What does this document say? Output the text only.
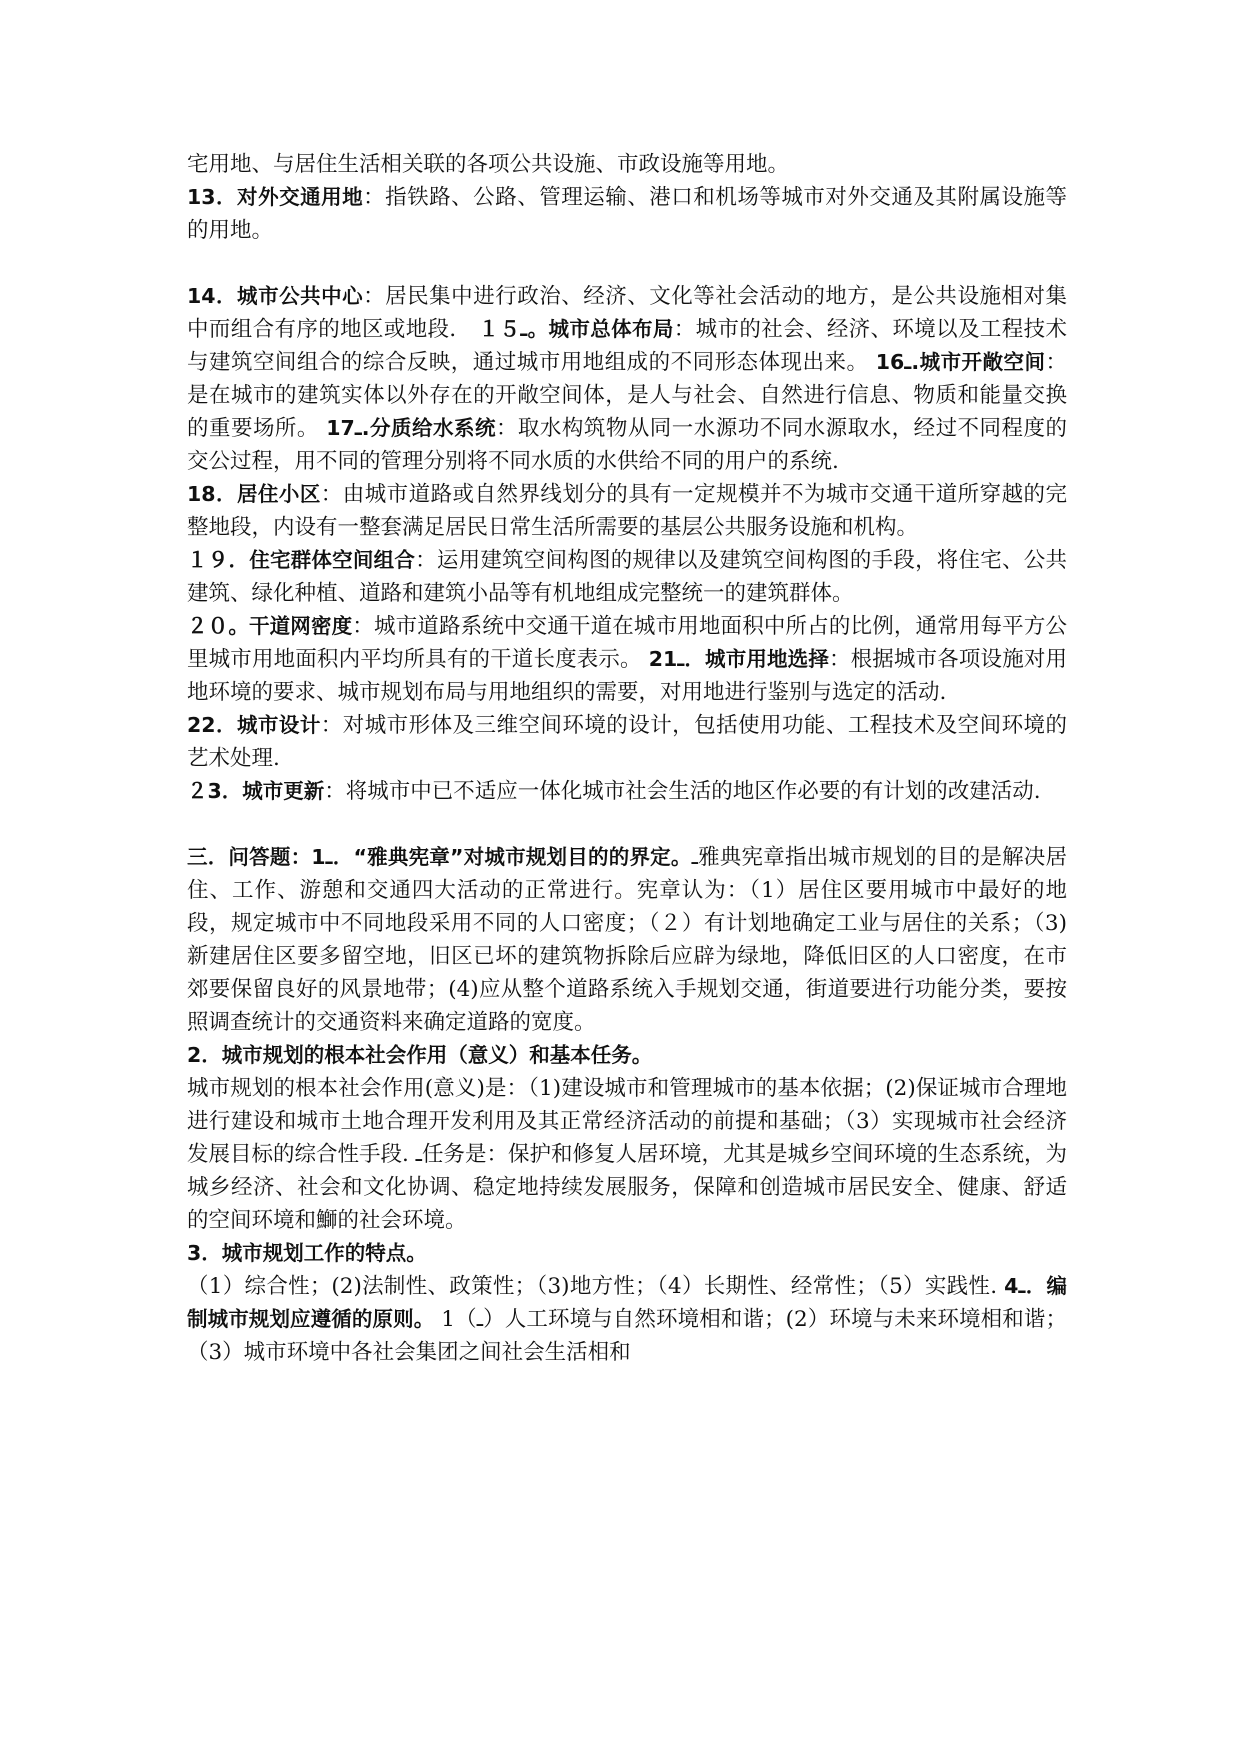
宅用地、与居住生活相关联的各项公共设施、市政设施等用地。

13．对外交通用地：指铁路、公路、管理运输、港口和机场等城市对外交通及其附属设施等的用地。

14．城市公共中心：居民集中进行政治、经济、文化等社会活动的地方，是公共设施相对集中而组合有序的地区或地段． １５ـ。城市总体布局：城市的社会、经济、环境以及工程技术与建筑空间组合的综合反映，通过城市用地组成的不同形态体现出来。 16ـ.城市开敞空间：是在城市的建筑实体以外存在的开敞空间体，是人与社会、自然进行信息、物质和能量交换的重要场所。 17ـ.分质给水系统：取水构筑物从同一水源功不同水源取水，经过不同程度的交公过程，用不同的管理分别将不同水质的水供给不同的用户的系统.

18．居住小区：由城市道路或自然界线划分的具有一定规模并不为城市交通干道所穿越的完整地段，内设有一整套满足居民日常生活所需要的基层公共服务设施和机构。

１９．住宅群体空间组合：运用建筑空间构图的规律以及建筑空间构图的手段，将住宅、公共建筑、绿化种植、道路和建筑小品等有机地组成完整统一的建筑群体。

２０。干道网密度：城市道路系统中交通干道在城市用地面积中所占的比例，通常用每平方公里城市用地面积内平均所具有的干道长度表示。 21ـ．城市用地选择：根据城市各项设施对用地环境的要求、城市规划布局与用地组织的需要，对用地进行鉴别与选定的活动.

22．城市设计：对城市形体及三维空间环境的设计，包括使用功能、工程技术及空间环境的艺术处理.

２3．城市更新：将城市中已不适应一体化城市社会生活的地区作必要的有计划的改建活动.

三．问答题：1ـ．“雅典宪章”对城市规划目的的界定。ـ雅典宪章指出城市规划的目的是解决居住、工作、游憩和交通四大活动的正常进行。宪章认为：（1）居住区要用城市中最好的地段，规定城市中不同地段采用不同的人口密度；（２）有计划地确定工业与居住的关系；（3)新建居住区要多留空地，旧区已坏的建筑物拆除后应辟为绿地，降低旧区的人口密度，在市郊要保留良好的风景地带；(4)应从整个道路系统入手规划交通，街道要进行功能分类，要按照调查统计的交通资料来确定道路的宽度。

2．城市规划的根本社会作用（意义）和基本任务。

城市规划的根本社会作用(意义)是：（1)建设城市和管理城市的基本依据；(2)保证城市合理地进行建设和城市土地合理开发利用及其正常经济活动的前提和基础；（3）实现城市社会经济发展目标的综合性手段. ـ任务是：保护和修复人居环境，尤其是城乡空间环境的生态系统，为城乡经济、社会和文化协调、稳定地持续发展服务，保障和创造城市居民安全、健康、舒适的空间环境和鰤的社会环境。

3．城市规划工作的特点。

（1）综合性；(2)法制性、政策性；（3)地方性；（4）长期性、经常性；（5）实践性. 4ـ．编制城市规划应遵循的原则。 1（ـ）人工环境与自然环境相和谐；(2）环境与未来环境相和谐；（3）城市环境中各社会集团之间社会生活相和
